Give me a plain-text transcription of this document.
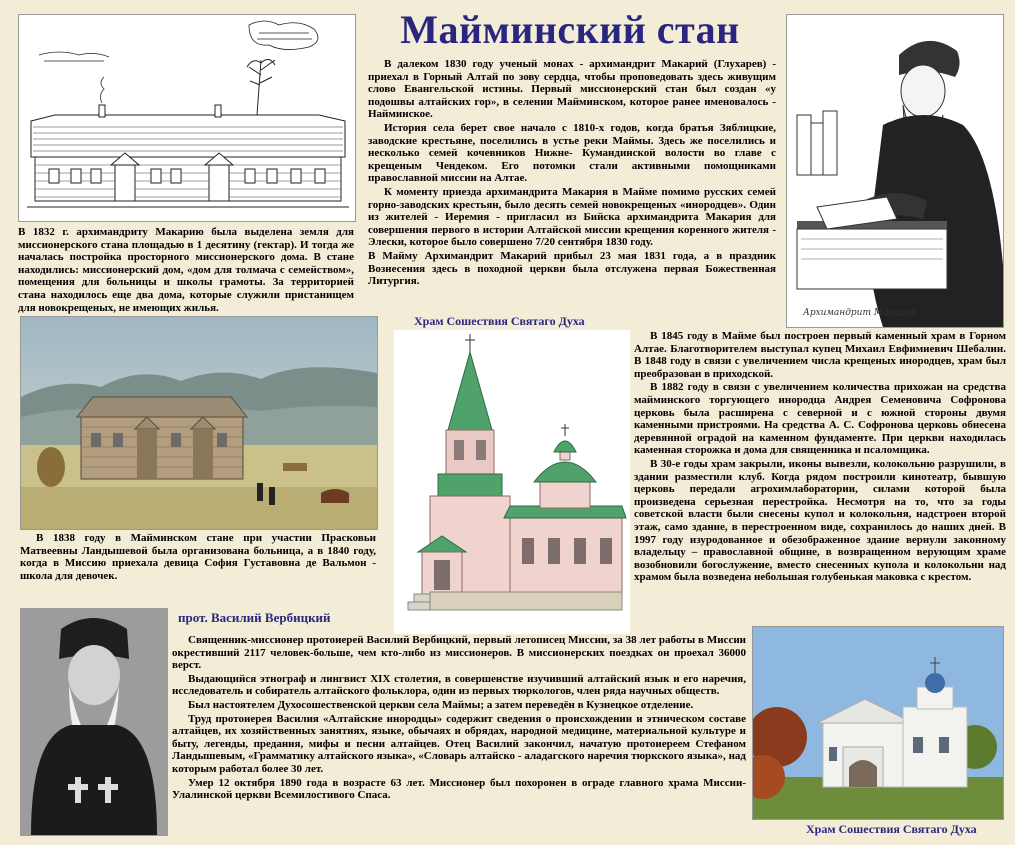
Майминский стан

В 1832 г. архимандриту Макарию была выделена земля для миссионерского стана площадью в 1 десятину (гектар). И тогда же началась постройка просторного миссионерского дома. В стане находились: миссионерский дом, «дом для толмача с семейством», помещения для больницы и школы грамоты. За территорией стана находилось еще два дома, которые служили пристанищем для новокрещеных, не имеющих жилья.

В далеком 1830 году ученый монах - архимандрит Макарий (Глухарев) - приехал в Горный Алтай по зову сердца, чтобы проповедовать здесь живущим слово Евангельской истины. Первый миссионерский стан был создан «у подошвы алтайских гор», в селении Майминском, которое ранее именовалось - Найминское.

История села берет свое начало с 1810-х годов, когда братья Зяблицкие, заводские крестьяне, поселились в устье реки Маймы. Здесь же поселились и несколько семей кочевников Нижне- Кумандинской волости во главе с крещеным Чендеком. Его потомки стали активными помощниками православной миссии на Алтае.

К моменту приезда архимандрита Макария в Майме помимо русских семей горно-заводских крестьян, было десять семей новокрещеных «инородцев». Один из жителей - Иеремия - пригласил из Бийска архимандрита Макария для совершения первого в истории Алтайской миссии крещения коренного жителя - Элески, которое было совершено 7/20 сентября 1830 году.

В Майму Архимандрит Макарий прибыл 23 мая 1831 года, а в праздник Вознесения здесь в походной церкви была отслужена первая Божественная Литургия.

Архимандрит Макарий

В 1838 году в Майминском стане при участии Прасковьи Матвеевны Ландышевой была организована больница, а в 1840 году, когда в Миссию приехала девица София Густавовна де Вальмон - школа для девочек.

Храм Сошествия Святаго Духа

В 1845 году в Майме был построен первый каменный храм в Горном Алтае. Благотворителем выступал купец Михаил Евфимиевич Шебалин. В 1848 году в связи с увеличением числа крещеных инородцев, храм был преобразован в приходской.

В 1882 году в связи с увеличением количества прихожан на средства майминского торгующего инородца Андрея Семеновича Софронова церковь была расширена с северной и с южной стороны двумя каменными пристроями. На средства А. С. Софронова церковь обнесена деревянной оградой на каменном фундаменте. При церкви находилась каменная сторожка и дома для священника и псаломщика.

В 30-е годы храм закрыли, иконы вывезли, колокольню разрушили, в здании разместили клуб. Когда рядом построили кинотеатр, бывшую церковь передали агрохимлаборатории, силами которой была произведена серьезная перестройка. Несмотря на то, что за годы советской власти были снесены купол и колокольня, надстроен второй этаж, само здание, в перестроенном виде, сохранилось до наших дней. В 1997 году изуродованное и обезображенное здание вернули законному владельцу – православной общине, в возвращенном верующим храме возобновили богослужение, вместо снесенных купола и колокольни над храмом была возведена небольшая голубенькая маковка с крестом.

прот. Василий Вербицкий

Священник-миссионер протоиерей Василий Вербицкий, первый летописец Миссии, за 38 лет работы в Миссии окрестивший 2117 человек-больше, чем кто-либо из миссионеров. В миссионерских поездках он проехал 36000 верст.

Выдающийся этнограф и лингвист XIX столетия, в совершенстве изучивший алтайский язык и его наречия, исследователь и собиратель алтайского фольклора, один из первых тюркологов, член ряда научных обществ.

Был настоятелем Духосошественской церкви села Маймы; а затем переведён в Кузнецкое отделение.

Труд протоиерея Василия «Алтайские инородцы» содержит сведения о происхождении и этническом составе алтайцев, их хозяйственных занятиях, языке, обычаях и обрядах, народной медицине, материальной культуре и быту, легенды, предания, мифы и песни алтайцев. Отец Василий закончил, начатую протоиереем Стефаном Ландышевым, «Грамматику алтайского языка», «Словарь алтайско - аладагского наречия тюркского языка», над которым работал более 30 лет.

Умер 12 октября 1890 года в возрасте 63 лет. Миссионер был похоронен в ограде главного храма Миссии-Улалинской церкви Всемилостивого Спаса.

Храм Сошествия Святаго Духа
